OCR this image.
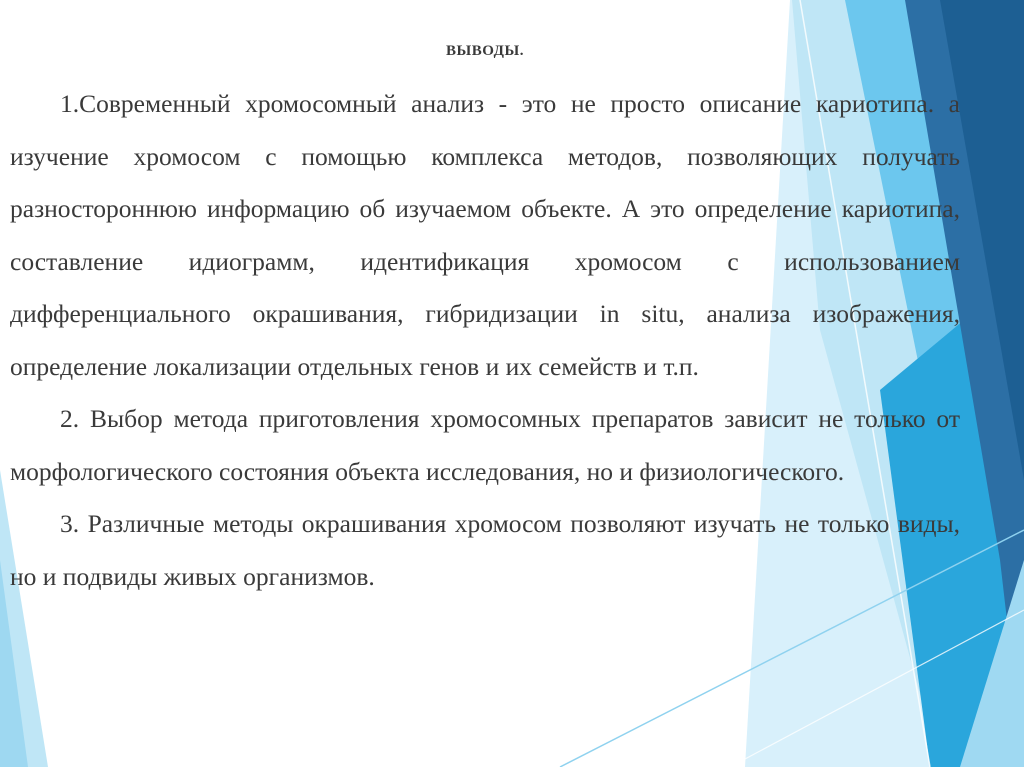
ВЫВОДЫ.

1.Современный хромосомный анализ - это не просто описание кариотипа. а изучение хромосом с помощью комплекса методов, позволяющих получать разностороннюю информацию об изучаемом объекте. А это определение кариотипа, составление идиограмм, идентификация хромосом с использованием дифференциального окрашивания, гибридизации in situ, анализа изображения, определение локализации отдельных генов и их семейств и т.п.

2. Выбор метода приготовления хромосомных препаратов зависит не только от морфологического состояния объекта исследования, но и физиологического.

3. Различные методы окрашивания хромосом позволяют изучать не только виды, но и подвиды живых организмов.
